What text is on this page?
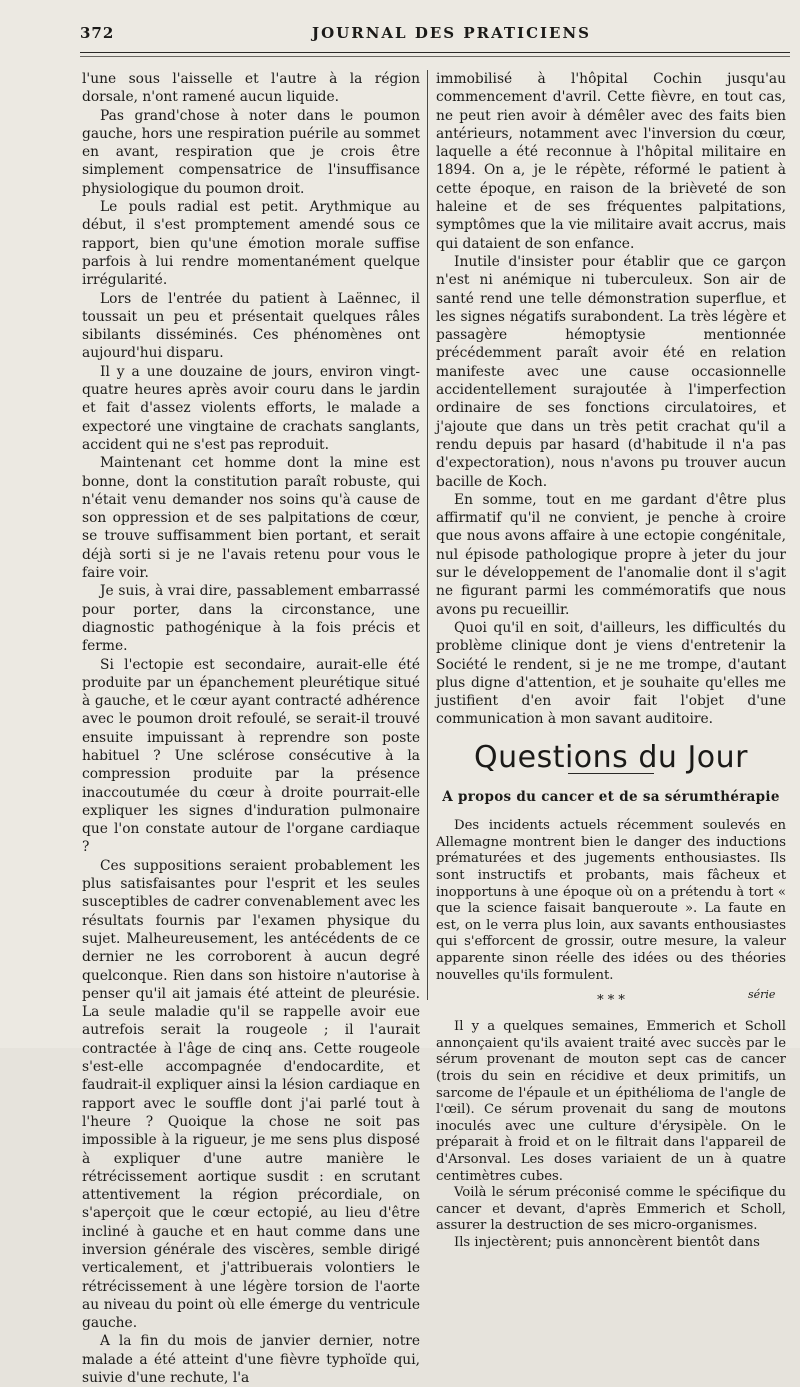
372	JOURNAL DES PRATICIENS

l'une sous l'aisselle et l'autre à la région dorsale, n'ont ramené aucun liquide.

Pas grand'chose à noter dans le poumon gauche, hors une respiration puérile au sommet en avant, respiration que je crois être simplement compensatrice de l'insuffisance physiologique du poumon droit.

Le pouls radial est petit. Arythmique au début, il s'est promptement amendé sous ce rapport, bien qu'une émotion morale suffise parfois à lui rendre momentanément quelque irrégularité.

Lors de l'entrée du patient à Laënnec, il toussait un peu et présentait quelques râles sibilants disséminés. Ces phénomènes ont aujourd'hui disparu.

Il y a une douzaine de jours, environ vingt-quatre heures après avoir couru dans le jardin et fait d'assez violents efforts, le malade a expectoré une vingtaine de crachats sanglants, accident qui ne s'est pas reproduit.

Maintenant cet homme dont la mine est bonne, dont la constitution paraît robuste, qui n'était venu demander nos soins qu'à cause de son oppression et de ses palpitations de cœur, se trouve suffisamment bien portant, et serait déjà sorti si je ne l'avais retenu pour vous le faire voir.

Je suis, à vrai dire, passablement embarrassé pour porter, dans la circonstance, une diagnostic pathogénique à la fois précis et ferme.

Si l'ectopie est secondaire, aurait-elle été produite par un épanchement pleurétique situé à gauche, et le cœur ayant contracté adhérence avec le poumon droit refoulé, se serait-il trouvé ensuite impuissant à reprendre son poste habituel ? Une sclérose consécutive à la compression produite par la présence inaccoutumée du cœur à droite pourrait-elle expliquer les signes d'induration pulmonaire que l'on constate autour de l'organe cardiaque ?

Ces suppositions seraient probablement les plus satisfaisantes pour l'esprit et les seules susceptibles de cadrer convenablement avec les résultats fournis par l'examen physique du sujet. Malheureusement, les antécédents de ce dernier ne les corroborent à aucun degré quelconque. Rien dans son histoire n'autorise à penser qu'il ait jamais été atteint de pleurésie. La seule maladie qu'il se rappelle avoir eue autrefois serait la rougeole ; il l'aurait contractée à l'âge de cinq ans. Cette rougeole s'est-elle accompagnée d'endocardite, et faudrait-il expliquer ainsi la lésion cardiaque en rapport avec le souffle dont j'ai parlé tout à l'heure ? Quoique la chose ne soit pas impossible à la rigueur, je me sens plus disposé à expliquer d'une autre manière le rétrécissement aortique susdit : en scrutant attentivement la région précordiale, on s'aperçoit que le cœur ectopié, au lieu d'être incliné à gauche et en haut comme dans une inversion générale des viscères, semble dirigé verticalement, et j'attribuerais volontiers le rétrécissement à une légère torsion de l'aorte au niveau du point où elle émerge du ventricule gauche.

A la fin du mois de janvier dernier, notre malade a été atteint d'une fièvre typhoïde qui, suivie d'une rechute, l'a

immobilisé à l'hôpital Cochin jusqu'au commencement d'avril. Cette fièvre, en tout cas, ne peut rien avoir à démêler avec des faits bien antérieurs, notamment avec l'inversion du cœur, laquelle a été reconnue à l'hôpital militaire en 1894. On a, je le répète, réformé le patient à cette époque, en raison de la brièveté de son haleine et de ses fréquentes palpitations, symptômes que la vie militaire avait accrus, mais qui dataient de son enfance.

Inutile d'insister pour établir que ce garçon n'est ni anémique ni tuberculeux. Son air de santé rend une telle démonstration superflue, et les signes négatifs surabondent. La très légère et passagère hémoptysie mentionnée précédemment paraît avoir été en relation manifeste avec une cause occasionnelle accidentellement surajoutée à l'imperfection ordinaire de ses fonctions circulatoires, et j'ajoute que dans un très petit crachat qu'il a rendu depuis par hasard (d'habitude il n'a pas d'expectoration), nous n'avons pu trouver aucun bacille de Koch.

En somme, tout en me gardant d'être plus affirmatif qu'il ne convient, je penche à croire que nous avons affaire à une ectopie congénitale, nul épisode pathologique propre à jeter du jour sur le développement de l'anomalie dont il s'agit ne figurant parmi les commémoratifs que nous avons pu recueillir.

Quoi qu'il en soit, d'ailleurs, les difficultés du problème clinique dont je viens d'entretenir la Société le rendent, si je ne me trompe, d'autant plus digne d'attention, et je souhaite qu'elles me justifient d'en avoir fait l'objet d'une communication à mon savant auditoire.

Questions du Jour
A propos du cancer et de sa sérumthérapie

Des incidents actuels récemment soulevés en Allemagne montrent bien le danger des inductions prématurées et des jugements enthousiastes. Ils sont instructifs et probants, mais fâcheux et inopportuns à une époque où on a prétendu à tort « que la science faisait banqueroute ». La faute en est, on le verra plus loin, aux savants enthousiastes qui s'efforcent de grossir, outre mesure, la valeur apparente sinon réelle des idées ou des théories nouvelles qu'ils formulent.

* * *

Il y a quelques semaines, Emmerich et Scholl annonçaient qu'ils avaient traité avec succès par le sérum provenant de mouton sept cas de cancer (trois du sein en récidive et deux primitifs, un sarcome de l'épaule et un épithélioma de l'angle de l'œil). Ce sérum provenait du sang de moutons inoculés avec une culture d'érysipèle. On le préparait à froid et on le filtrait dans l'appareil de d'Arsonval. Les doses variaient de un à quatre centimètres cubes.

Voilà le sérum préconisé comme le spécifique du cancer et devant, d'après Emmerich et Scholl, assurer la destruction de ses micro-organismes.

Ils injectèrent; puis annoncèrent bientôt dans

série
